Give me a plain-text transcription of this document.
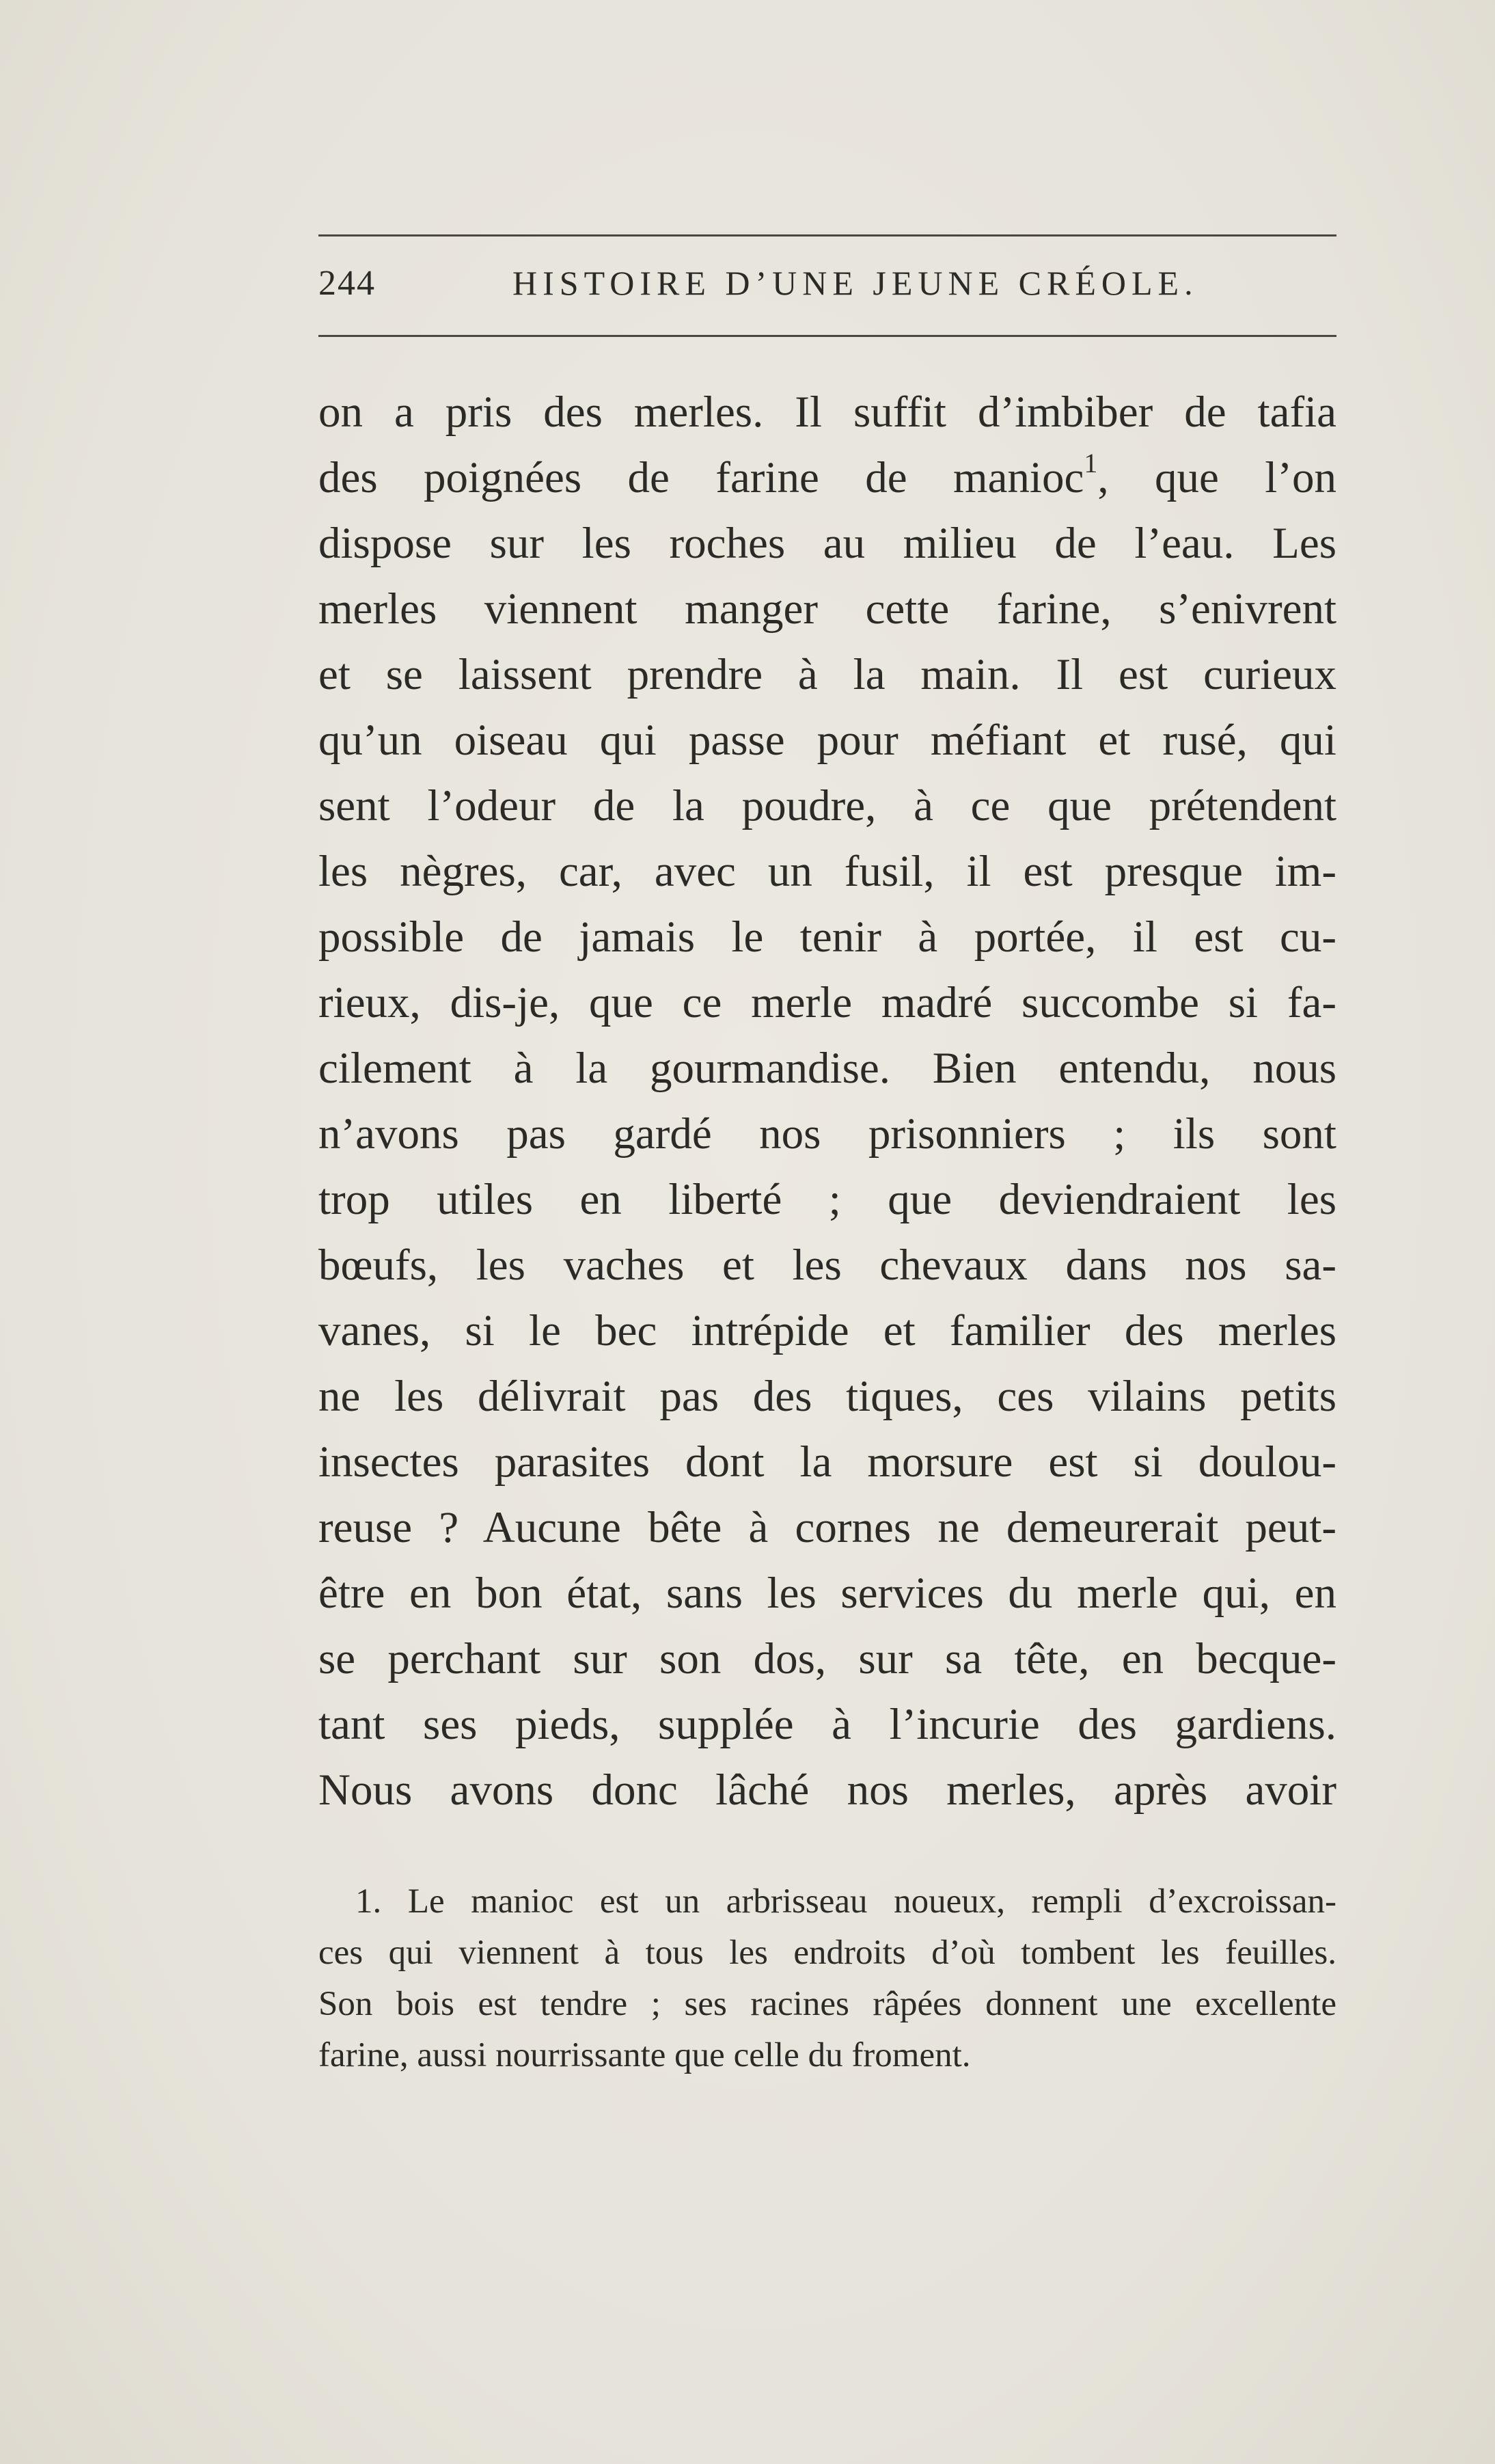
244	HISTOIRE D’UNE JEUNE CRÉOLE.
on a pris des merles. Il suffit d’imbiber de tafia
des poignées de farine de manioc$^1$, que l’on
dispose sur les roches au milieu de l’eau. Les
merles viennent manger cette farine, s’enivrent
et se laissent prendre à la main. Il est curieux
qu’un oiseau qui passe pour méfiant et rusé, qui
sent l’odeur de la poudre, à ce que prétendent
les nègres, car, avec un fusil, il est presque im-
possible de jamais le tenir à portée, il est cu-
rieux, dis-je, que ce merle madré succombe si fa-
cilement à la gourmandise. Bien entendu, nous
n’avons pas gardé nos prisonniers ; ils sont
trop utiles en liberté ; que deviendraient les
bœufs, les vaches et les chevaux dans nos sa-
vanes, si le bec intrépide et familier des merles
ne les délivrait pas des tiques, ces vilains petits
insectes parasites dont la morsure est si doulou-
reuse ? Aucune bête à cornes ne demeurerait peut-
être en bon état, sans les services du merle qui, en
se perchant sur son dos, sur sa tête, en becque-
tant ses pieds, supplée à l’incurie des gardiens.
Nous avons donc lâché nos merles, après avoir
1. Le manioc est un arbrisseau noueux, rempli d’excroissan-
ces qui viennent à tous les endroits d’où tombent les feuilles.
Son bois est tendre ; ses racines râpées donnent une excellente
farine, aussi nourrissante que celle du froment.
